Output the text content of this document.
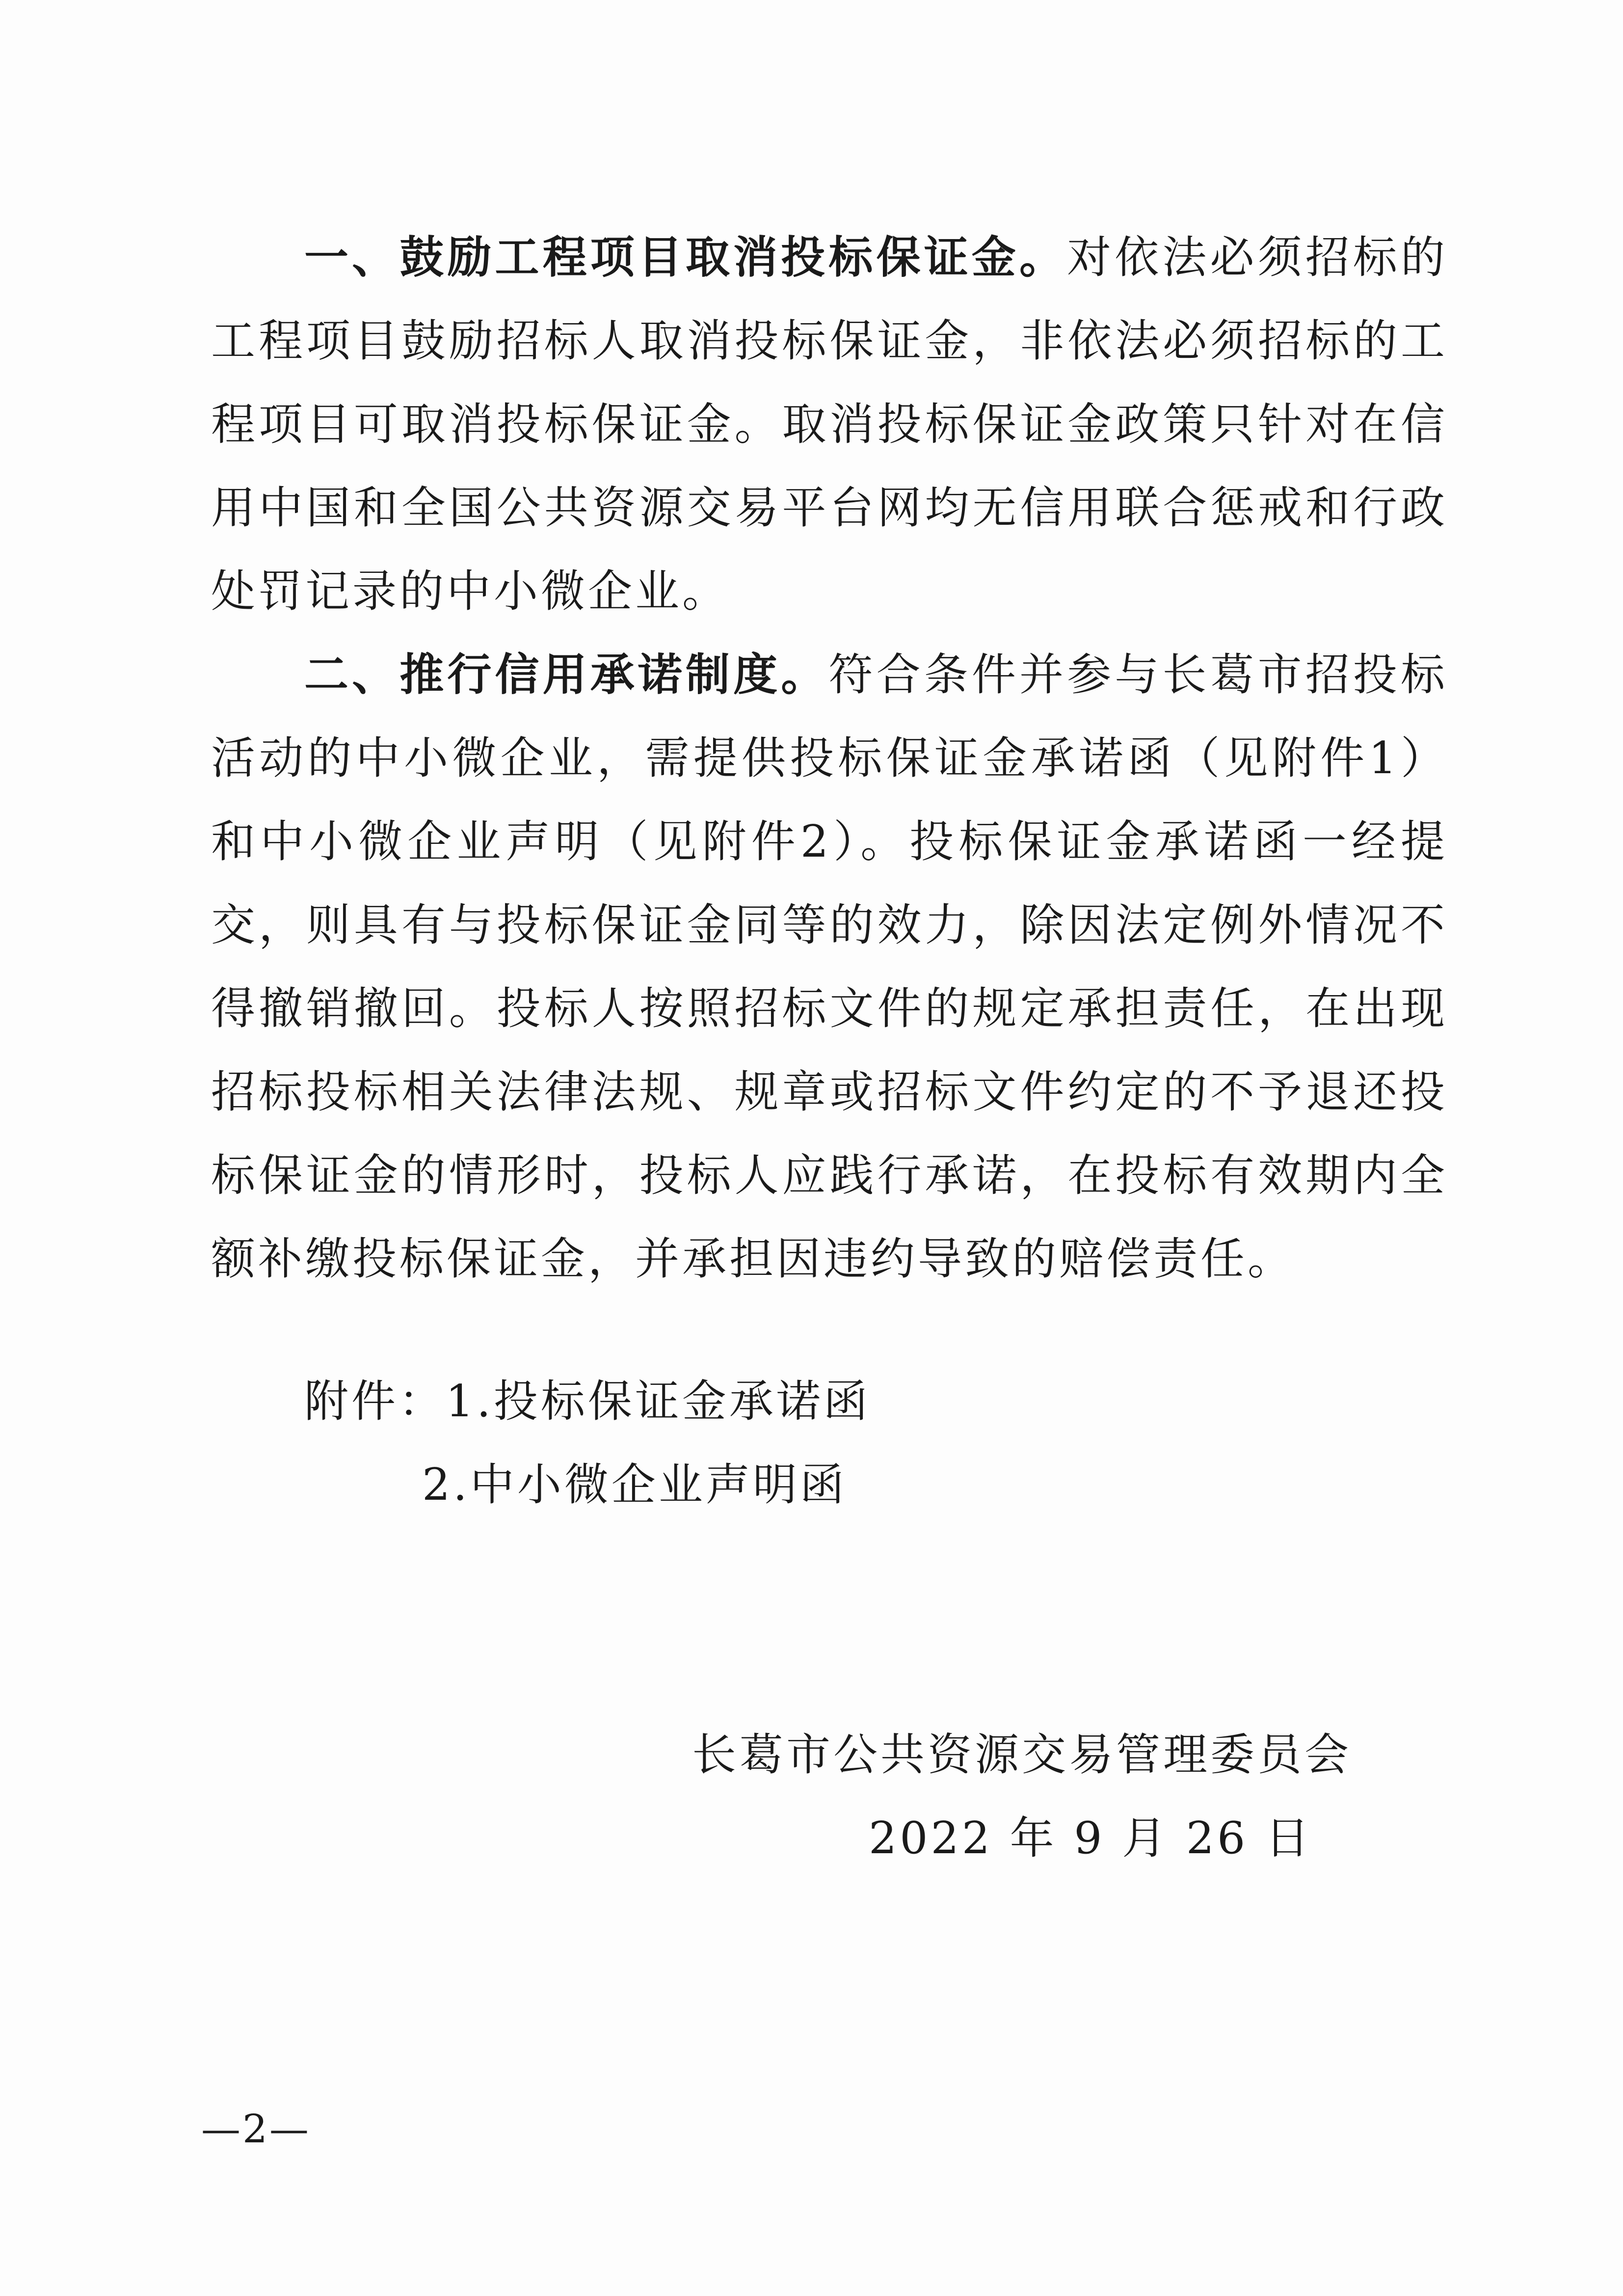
一、鼓励工程项目取消投标保证金。对依法必须招标的工程项目鼓励招标人取消投标保证金，非依法必须招标的工程项目可取消投标保证金。取消投标保证金政策只针对在信用中国和全国公共资源交易平台网均无信用联合惩戒和行政处罚记录的中小微企业。

二、推行信用承诺制度。符合条件并参与长葛市招投标活动的中小微企业，需提供投标保证金承诺函（见附件1）和中小微企业声明（见附件2）。投标保证金承诺函一经提交，则具有与投标保证金同等的效力，除因法定例外情况不得撤销撤回。投标人按照招标文件的规定承担责任，在出现招标投标相关法律法规、规章或招标文件约定的不予退还投标保证金的情形时，投标人应践行承诺，在投标有效期内全额补缴投标保证金，并承担因违约导致的赔偿责任。

附件：1.投标保证金承诺函
2.中小微企业声明函
长葛市公共资源交易管理委员会
2022 年 9 月 26 日
—2—
